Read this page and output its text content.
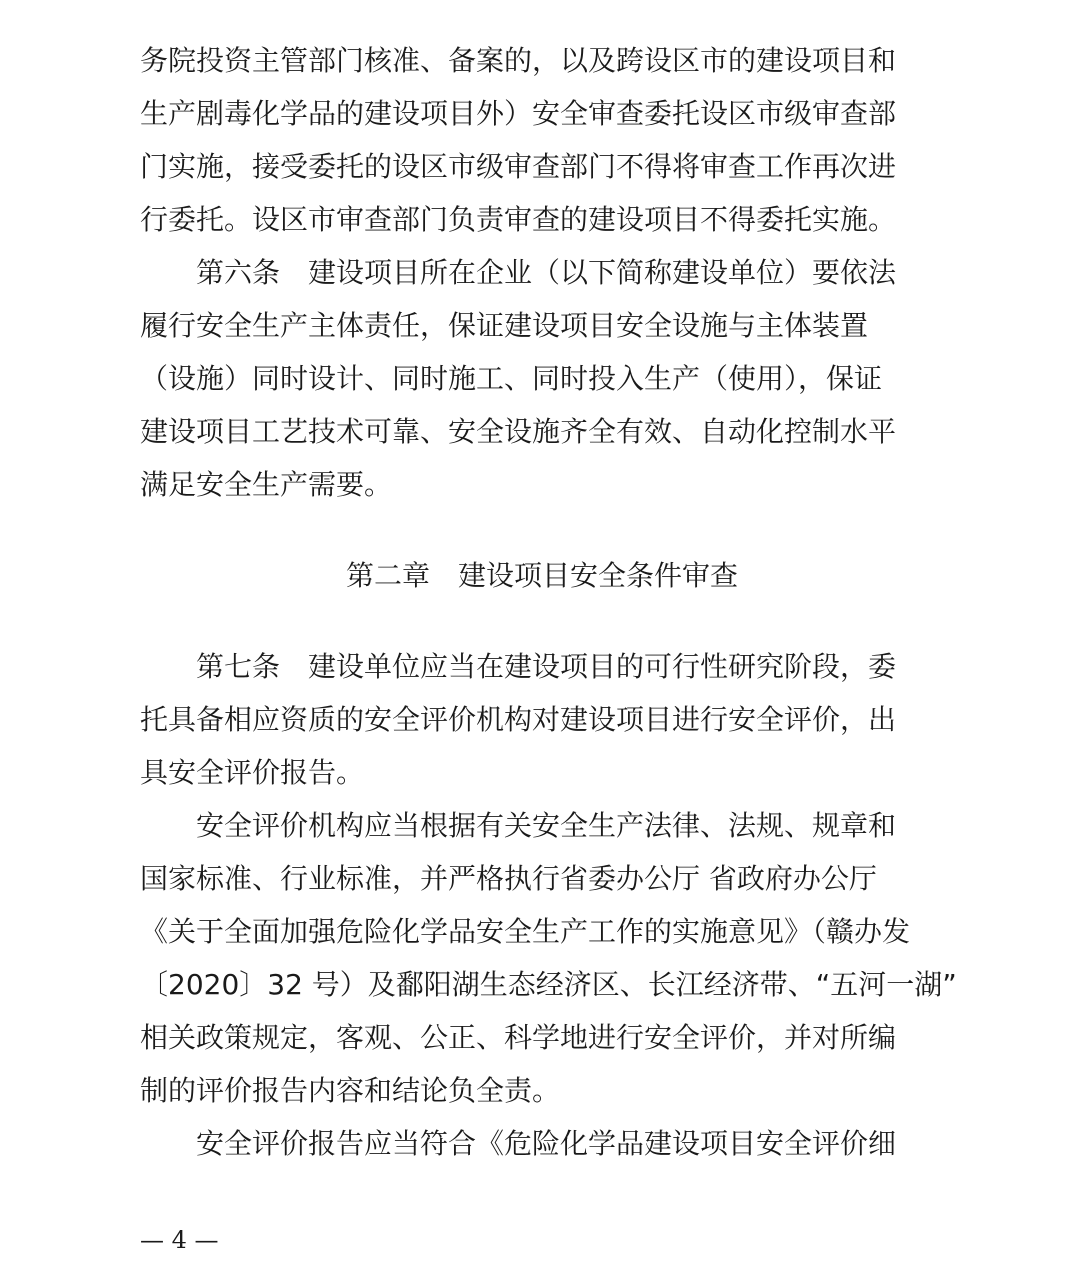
务院投资主管部门核准、备案的，以及跨设区市的建设项目和
生产剧毒化学品的建设项目外）安全审查委托设区市级审查部
门实施，接受委托的设区市级审查部门不得将审查工作再次进
行委托。设区市审查部门负责审查的建设项目不得委托实施。
第六条　建设项目所在企业（以下简称建设单位）要依法
履行安全生产主体责任，保证建设项目安全设施与主体装置
（设施）同时设计、同时施工、同时投入生产（使用），保证
建设项目工艺技术可靠、安全设施齐全有效、自动化控制水平
满足安全生产需要。
第二章　建设项目安全条件审查
第七条　建设单位应当在建设项目的可行性研究阶段，委
托具备相应资质的安全评价机构对建设项目进行安全评价，出
具安全评价报告。
安全评价机构应当根据有关安全生产法律、法规、规章和
国家标准、行业标准，并严格执行省委办公厅 省政府办公厅
《关于全面加强危险化学品安全生产工作的实施意见》（赣办发
〔2020〕32 号）及鄱阳湖生态经济区、长江经济带、“五河一湖”
相关政策规定，客观、公正、科学地进行安全评价，并对所编
制的评价报告内容和结论负全责。
安全评价报告应当符合《危险化学品建设项目安全评价细
— 4 —
